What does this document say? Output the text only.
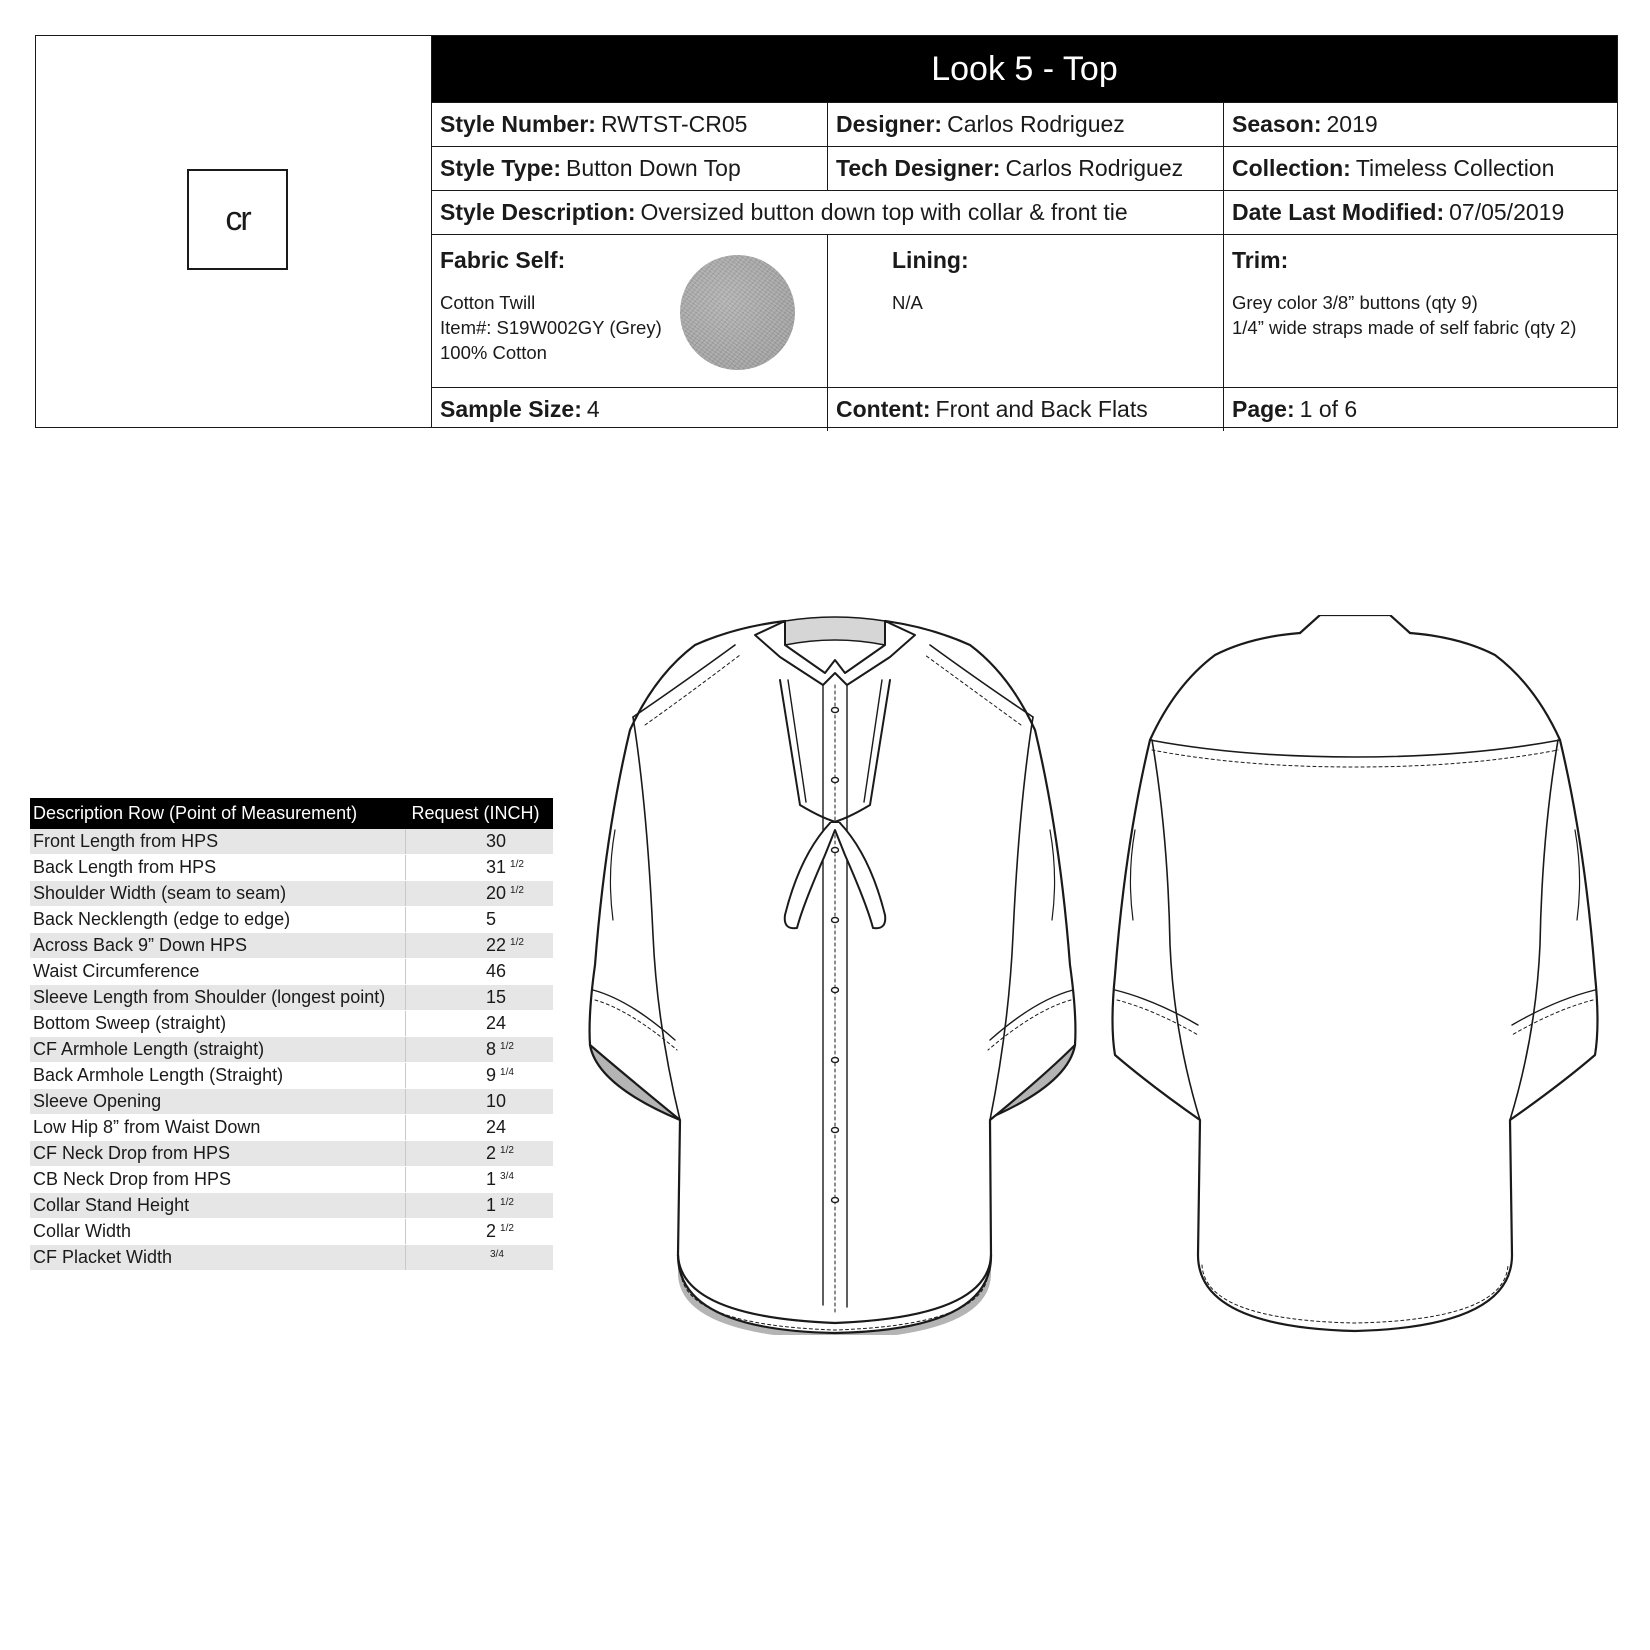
cr
Look 5 - Top
Style Number: RWTST-CR05	Designer: Carlos Rodriguez	Season: 2019
Style Type: Button Down Top	Tech Designer: Carlos Rodriguez Collection: Timeless Collection
Style Description: Oversized button down top with collar & front tie	Date Last Modified: 07/05/2019
Fabric Self:
Cotton Twill
Item#: S19W002GY (Grey)
100% Cotton
Lining:
N/A
Trim:
Grey color 3/8” buttons (qty 9)
1/4” wide straps made of self fabric (qty 2)
Sample Size: 4	Content: Front and Back Flats	Page: 1 of 6
Description Row (Point of Measurement)	Request (INCH)
Front Length from HPS	30
Back Length from HPS	31 $^{1/2}$
Shoulder Width (seam to seam)	20 $^{1/2}$
Back Necklength (edge to edge)	5
Across Back 9” Down HPS	22 $^{1/2}$
Waist Circumference	46
Sleeve Length from Shoulder (longest point)	15
Bottom Sweep (straight)	24
CF Armhole Length (straight)	8 $^{1/2}$
Back Armhole Length (Straight)	9 $^{1/4}$
Sleeve Opening	10
Low Hip 8” from Waist Down	24
CF Neck Drop from HPS	2 $^{1/2}$
CB Neck Drop from HPS	1 $^{3/4}$
Collar Stand Height	1 $^{1/2}$
Collar Width	2 $^{1/2}$
CF Placket Width	$^{3/4}$
